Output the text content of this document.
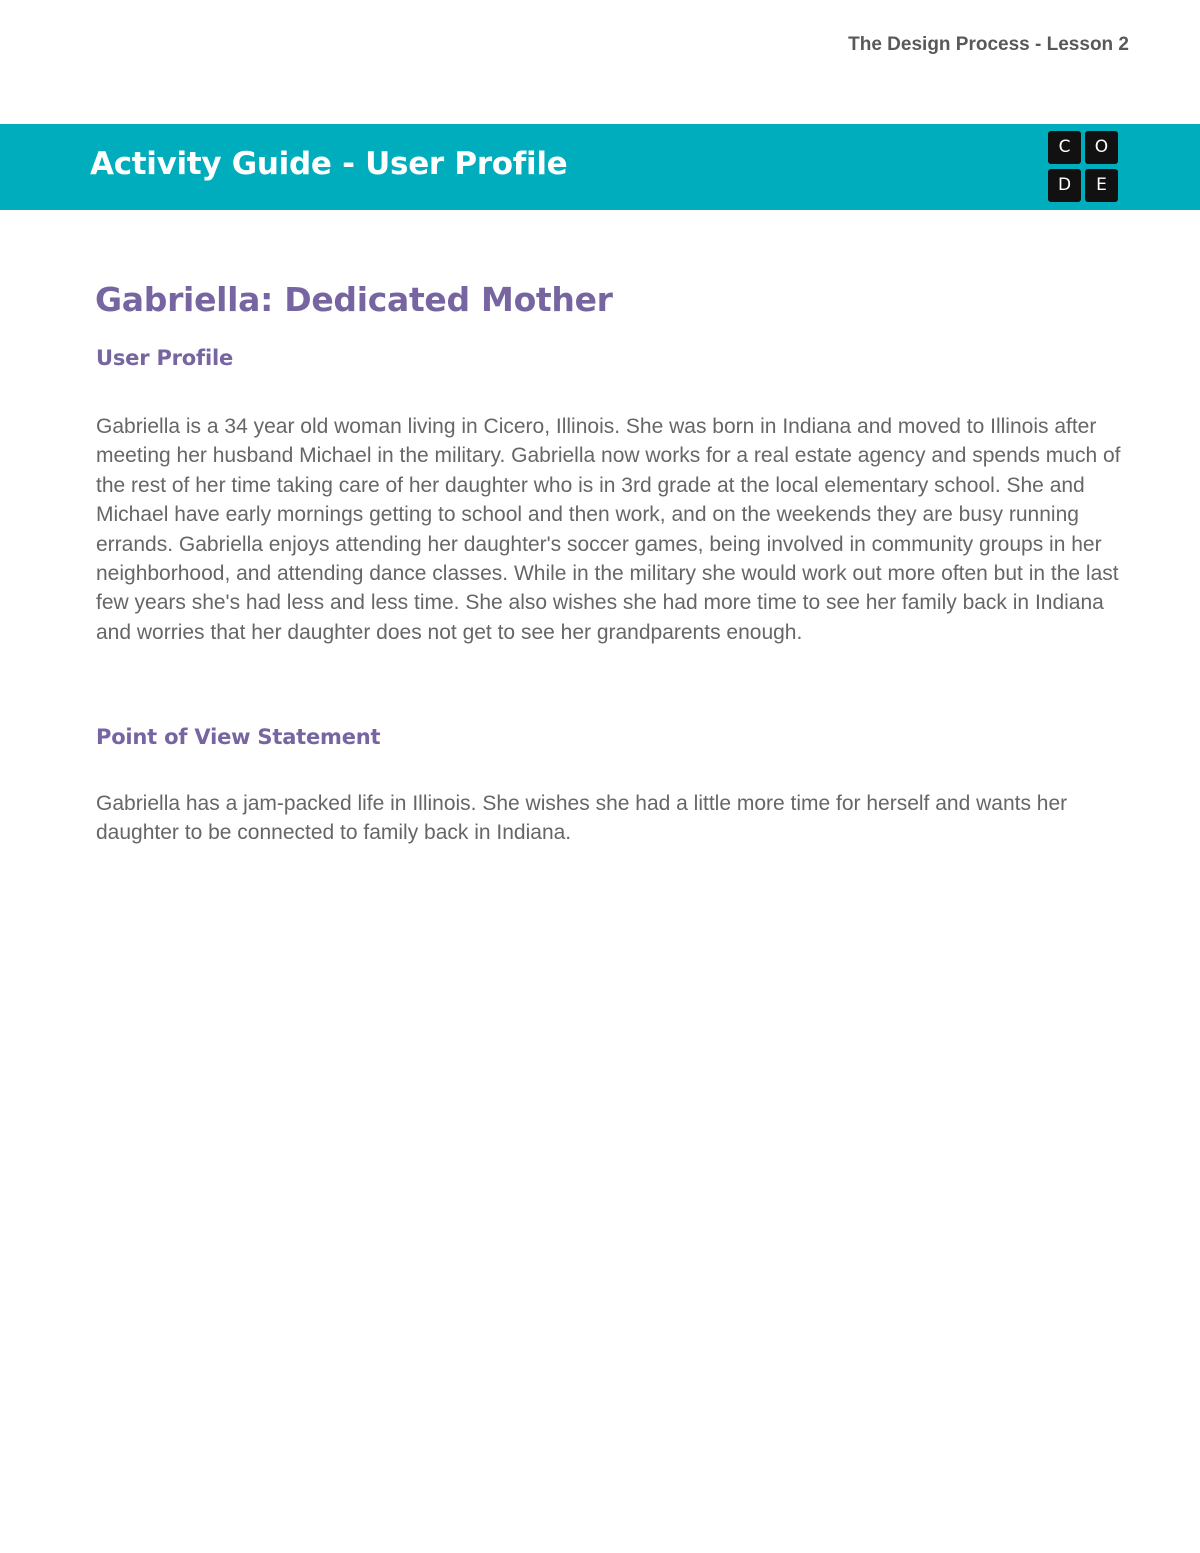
The Design Process - Lesson 2
Activity Guide - User Profile	C	O
D	E
Gabriella: Dedicated Mother
User Profile

Gabriella is a 34 year old woman living in Cicero, Illinois. She was born in Indiana and moved to Illinois after meeting her husband Michael in the military. Gabriella now works for a real estate agency and spends much of the rest of her time taking care of her daughter who is in 3rd grade at the local elementary school. She and Michael have early mornings getting to school and then work, and on the weekends they are busy running errands. Gabriella enjoys attending her daughter's soccer games, being involved in community groups in her neighborhood, and attending dance classes. While in the military she would work out more often but in the last few years she's had less and less time. She also wishes she had more time to see her family back in Indiana and worries that her daughter does not get to see her grandparents enough.

Point of View Statement

Gabriella has a jam-packed life in Illinois. She wishes she had a little more time for herself and wants her daughter to be connected to family back in Indiana.
